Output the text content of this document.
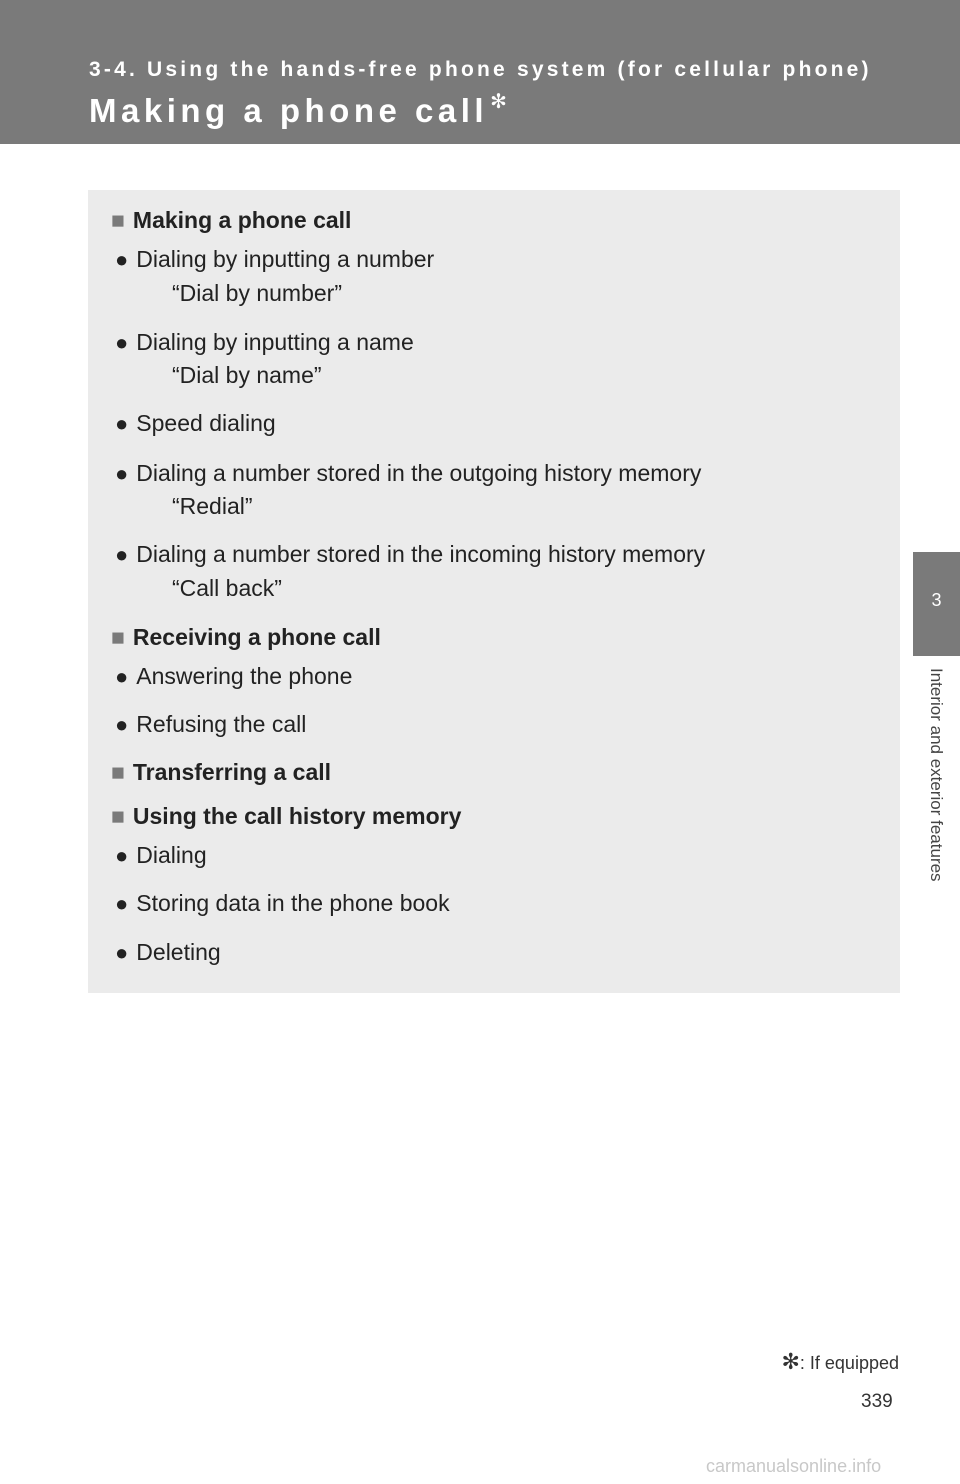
3-4. Using the hands-free phone system (for cellular phone)
Making a phone call ✻
3
Interior and exterior features
■ Making a phone call
● Dialing by inputting a number
“Dial by number”
● Dialing by inputting a name
“Dial by name”
● Speed dialing
● Dialing a number stored in the outgoing history memory
“Redial”
● Dialing a number stored in the incoming history memory
“Call back”
■ Receiving a phone call
● Answering the phone
● Refusing the call
■ Transferring a call
■ Using the call history memory
● Dialing
● Storing data in the phone book
● Deleting
✻: If equipped
339
carmanualsonline.info
